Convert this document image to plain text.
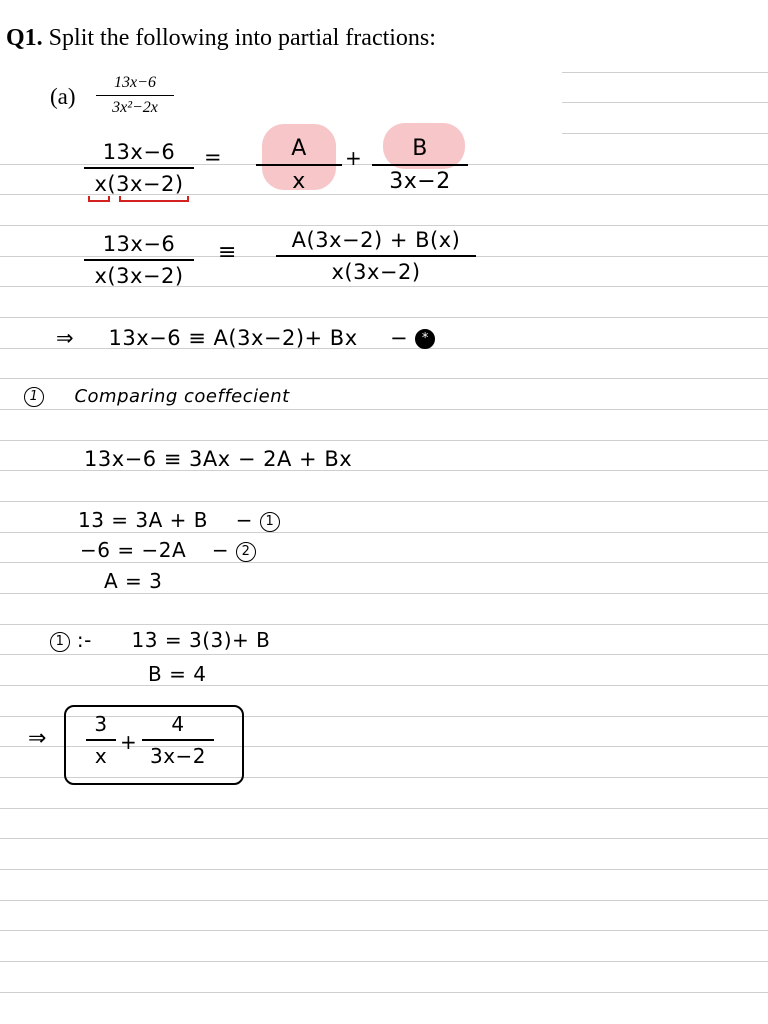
Q1. Split the following into partial fractions:
(a)
13x−6
3x²−2x
13x−6
x(3x−2)
=	A
x
+	B
3x−2
13x−6
x(3x−2)
≡	A(3x−2) + B(x)
x(3x−2)
⇒ 13x−6 ≡ A(3x−2)+ Bx − *
1 Comparing coeffecient
13x−6 ≡ 3Ax − 2A + Bx
13 = 3A + B − 1
−6 = −2A − 2
A = 3
1 :- 13 = 3(3)+ B
B = 4
⇒
3
x
+
4
3x−2
